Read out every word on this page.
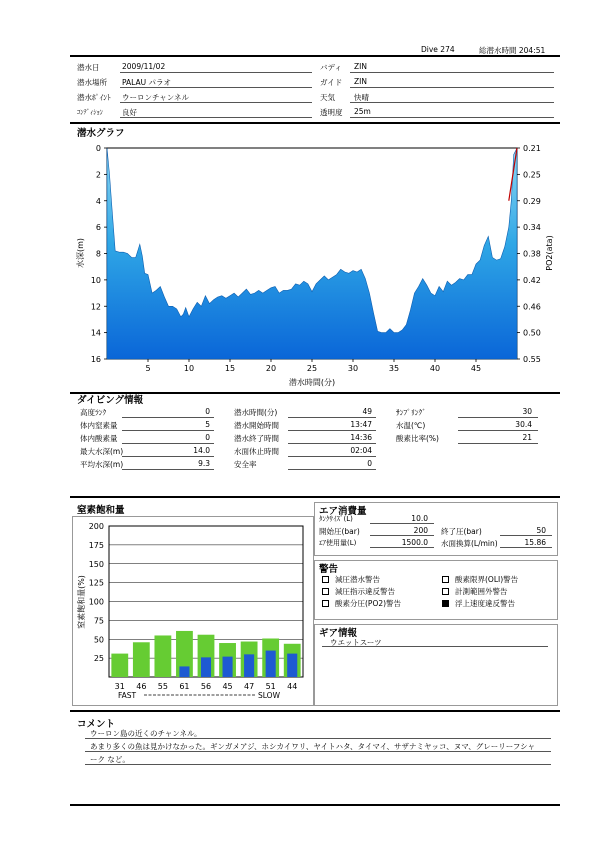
Dive 274	総潜水時間 204:51
潜水日	2009/11/02
潜水場所 PALAU パラオ
潜水ﾎﾟｲﾝﾄ ウーロンチャンネル
ｺﾝﾃﾞｨｼｮﾝ	良好
バディ ZIN
ガイド ZIN
天気	快晴
透明度 25m
潜水グラフ
0
2
4
6
8
10
12
14
16
0.21
0.25
0.29
0.34
0.38
0.42
0.46
0.50
0.55
5	10	15	20	25	30	35	40	45
水深(m)	PO2(ata)
潜水時間(分)
ダイビング情報
高度ﾗﾝｸ	0
体内窒素量	5
体内酸素量	0
最大水深(m)	14.0
平均水深(m)	9.3
潜水時間(分)	49
潜水開始時間	13:47
潜水終了時間	14:36
水面休止時間	02:04
安全率	0
ｻﾝﾌﾟﾘﾝｸﾞ	30
水温(℃)	30.4
酸素比率(%)	21
窒素飽和量
25
50
75
100
125
150
175
200
31 46 55 61 56 45 47 51 44
窒素飽和量(%)
FAST	SLOW
エア消費量
ﾀﾝｸｻｲｽﾞ(L)	10.0
開始圧(bar)	200 終了圧(bar)	50
ｴｱ使用量(L)	1500.0 水面換算(L/min)	15.86
警告
減圧潜水警告	酸素限界(OLI)警告
減圧指示違反警告	計測範囲外警告
酸素分圧(PO2)警告	浮上速度違反警告
ギア情報
ウエットスーツ
コメント
ウーロン島の近くのチャンネル。
あまり多くの魚は見かけなかった。ギンガメアジ、ホシカイワリ、ヤイトハタ、タイマイ、サザナミヤッコ、ヌマ、グレーリーフシャ
ーク など。
